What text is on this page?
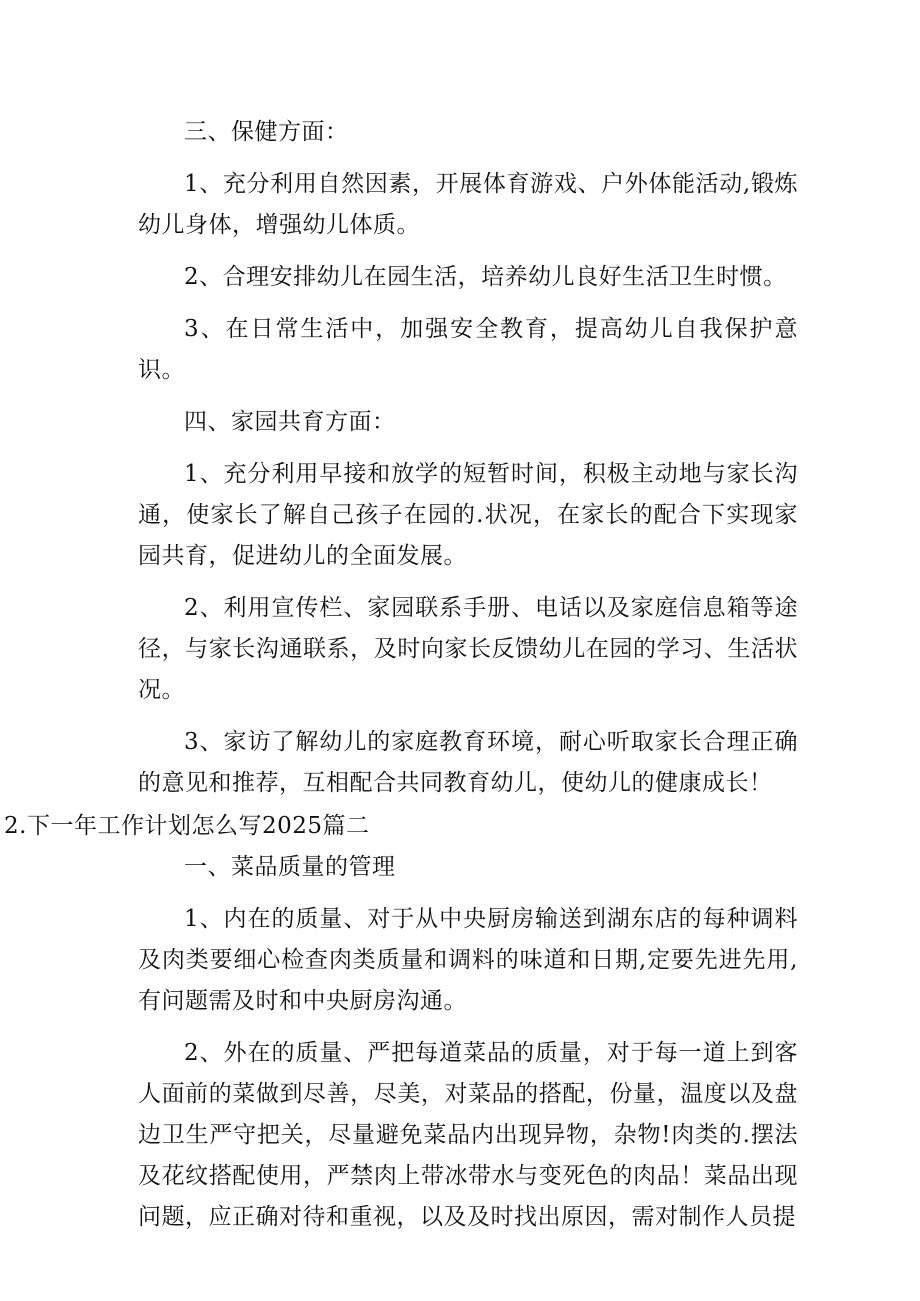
三、保健方面：

1、充分利用自然因素，开展体育游戏、户外体能活动,锻炼幼儿身体，增强幼儿体质。

2、合理安排幼儿在园生活，培养幼儿良好生活卫生时惯。

3、在日常生活中，加强安全教育，提高幼儿自我保护意识。

四、家园共育方面：

1、充分利用早接和放学的短暂时间，积极主动地与家长沟通，使家长了解自己孩子在园的.状况，在家长的配合下实现家园共育，促进幼儿的全面发展。

2、利用宣传栏、家园联系手册、电话以及家庭信息箱等途径，与家长沟通联系，及时向家长反馈幼儿在园的学习、生活状况。

3、家访了解幼儿的家庭教育环境，耐心听取家长合理正确的意见和推荐，互相配合共同教育幼儿，使幼儿的健康成长！

2.下一年工作计划怎么写2025篇二

一、菜品质量的管理

1、内在的质量、对于从中央厨房输送到湖东店的每种调料及肉类要细心检查肉类质量和调料的味道和日期,定要先进先用,有问题需及时和中央厨房沟通。

2、外在的质量、严把每道菜品的质量，对于每一道上到客人面前的菜做到尽善，尽美，对菜品的搭配，份量，温度以及盘边卫生严守把关，尽量避免菜品内出现异物，杂物!肉类的.摆法及花纹搭配使用，严禁肉上带冰带水与变死色的肉品！菜品出现问题，应正确对待和重视，以及及时找出原因，需对制作人员提
